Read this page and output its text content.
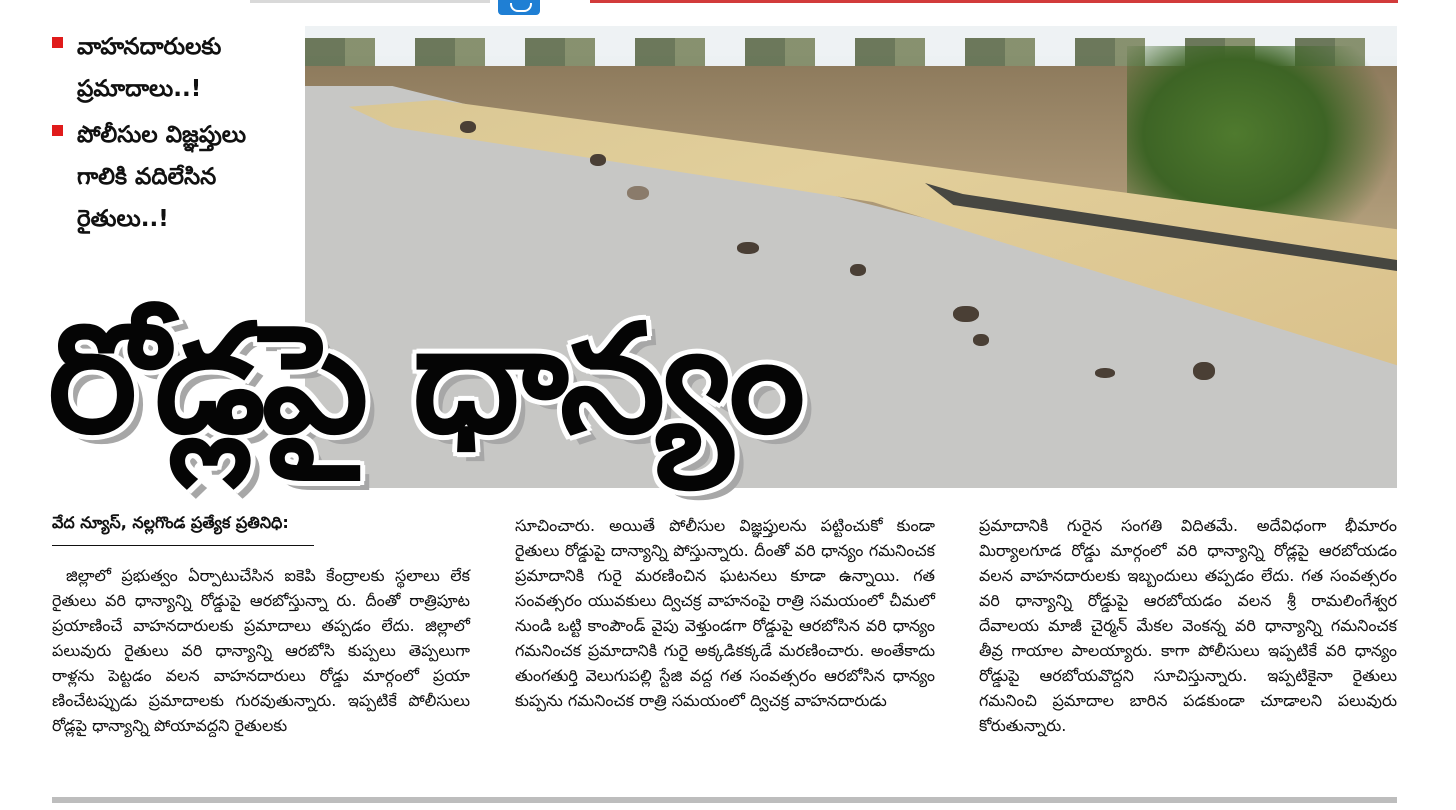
వాహనదారులకు
ప్రమాదాలు..!
పోలీసుల విజ్ఞప్తులు
గాలికి వదిలేసిన
రైతులు..!
రోడ్లపై ధాన్యం
వేద న్యూస్, నల్లగొండ ప్రత్యేక ప్రతినిధి:
జిల్లాలో ప్రభుత్వం ఏర్పాటుచేసిన ఐకెపి కేంద్రాలకు స్థలాలు లేక రైతులు వరి ధాన్యాన్ని రోడ్డుపై ఆరబోస్తున్నా రు. దీంతో రాత్రిపూట ప్రయాణించే వాహనదారులకు ప్రమాదాలు తప్పడం లేదు. జిల్లాలో పలువురు రైతులు వరి ధాన్యాన్ని ఆరబోసి కుప్పలు తెప్పలుగా రాళ్లను పెట్టడం వలన వాహనదారులు రోడ్డు మార్గంలో ప్రయా ణించేటప్పుడు ప్రమాదాలకు గురవుతున్నారు. ఇప్పటికే పోలీసులు రోడ్లపై ధాన్యాన్ని పోయావద్దని రైతులకు
సూచించారు. అయితే పోలీసుల విజ్ఞప్తులను పట్టించుకో కుండా రైతులు రోడ్డుపై దాన్యాన్ని పోస్తున్నారు. దీంతో వరి ధాన్యం గమనించక ప్రమాదానికి గురై మరణించిన ఘటనలు కూడా ఉన్నాయి. గత సంవత్సరం యువకులు ద్విచక్ర వాహనంపై రాత్రి సమయంలో చీమలో నుండి ఒట్టి కాంపౌండ్ వైపు వెళ్తుండగా రోడ్డుపై ఆరబోసిన వరి ధాన్యం గమనించక ప్రమాదానికి గురై అక్కడికక్కడే మరణించారు. అంతేకాదు తుంగతుర్తి వెలుగుపల్లి స్టేజి వద్ద గత సంవత్సరం ఆరబోసిన ధాన్యం కుప్పను గమనించక రాత్రి సమయంలో ద్విచక్ర వాహనదారుడు
ప్రమాదానికి గురైన సంగతి విదితమే. అదేవిధంగా భీమారం మిర్యాలగూడ రోడ్డు మార్గంలో వరి ధాన్యాన్ని రోడ్లపై ఆరబోయడం వలన వాహనదారులకు ఇబ్బందులు తప్పడం లేదు. గత సంవత్సరం వరి ధాన్యాన్ని రోడ్డుపై ఆరబోయడం వలన శ్రీ రామలింగేశ్వర దేవాలయ మాజీ చైర్మన్ మేకల వెంకన్న వరి ధాన్యాన్ని గమనించక తీవ్ర గాయాల పాలయ్యారు. కాగా పోలీసులు ఇప్పటికే వరి ధాన్యం రోడ్డుపై ఆరబోయవొద్దని సూచిస్తున్నారు. ఇప్పటికైనా రైతులు గమనించి ప్రమాదాల బారిన పడకుండా చూడాలని పలువురు కోరుతున్నారు.
